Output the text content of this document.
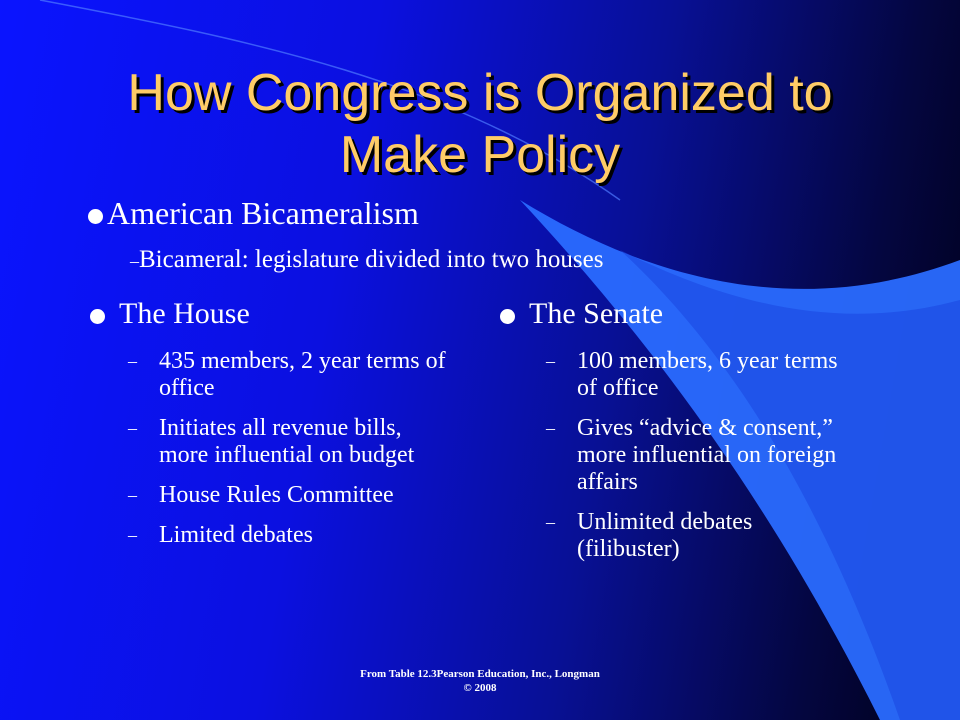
How Congress is Organized to
Make Policy
American Bicameralism
–Bicameral: legislature divided into two houses
The House
– 435 members, 2 year terms of office
– Initiates all revenue bills, more influential on budget
– House Rules Committee
– Limited debates
The Senate
– 100 members, 6 year terms of office
– Gives “advice & consent,” more influential on foreign affairs
– Unlimited debates (filibuster)
From Table 12.3Pearson Education, Inc., Longman
© 2008
